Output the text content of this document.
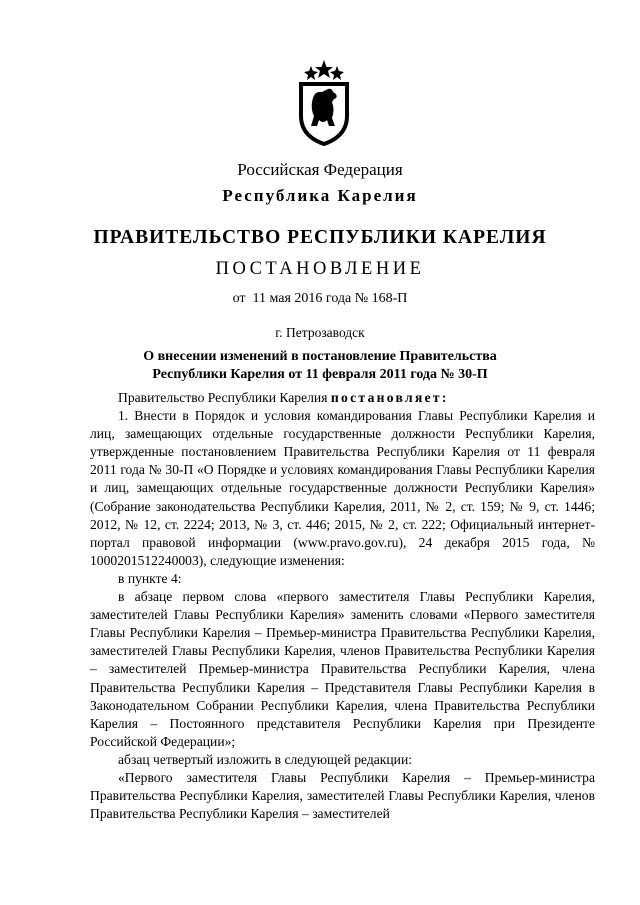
Российская Федерация
Республика Карелия
ПРАВИТЕЛЬСТВО РЕСПУБЛИКИ КАРЕЛИЯ
ПОСТАНОВЛЕНИЕ
от  11 мая 2016 года № 168-П
г. Петрозаводск
О внесении изменений в постановление Правительства
Республики Карелия от 11 февраля 2011 года № 30-П

Правительство Республики Карелия постановляет:

1. Внести в Порядок и условия командирования Главы Республики Карелия и лиц, замещающих отдельные государственные должности Республики Карелия, утвержденные постановлением Правительства Республики Карелия от 11 февраля 2011 года № 30-П «О Порядке и условиях командирования Главы Республики Карелия и лиц, замещающих отдельные государственные должности Республики Карелия» (Собрание законодательства Республики Карелия, 2011, № 2, ст. 159; № 9, ст. 1446; 2012, № 12, ст. 2224; 2013, № 3, ст. 446; 2015, № 2, ст. 222; Официальный интернет-портал правовой информации (www.pravo.gov.ru), 24 декабря 2015 года, № 1000201512240003), следующие изменения:

в пункте 4:

в абзаце первом слова «первого заместителя Главы Республики Карелия, заместителей Главы Республики Карелия» заменить словами «Первого заместителя Главы Республики Карелия – Премьер-министра Правительства Республики Карелия, заместителей Главы Республики Карелия, членов Правительства Республики Карелия – заместителей Премьер-министра Правительства Республики Карелия, члена Правительства Республики Карелия – Представителя Главы Республики Карелия в Законодательном Собрании Республики Карелия, члена Правительства Республики Карелия – Постоянного представителя Республики Карелия при Президенте Российской Федерации»;

абзац четвертый изложить в следующей редакции:

«Первого заместителя Главы Республики Карелия – Премьер-министра Правительства Республики Карелия, заместителей Главы Республики Карелия, членов Правительства Республики Карелия – заместителей
